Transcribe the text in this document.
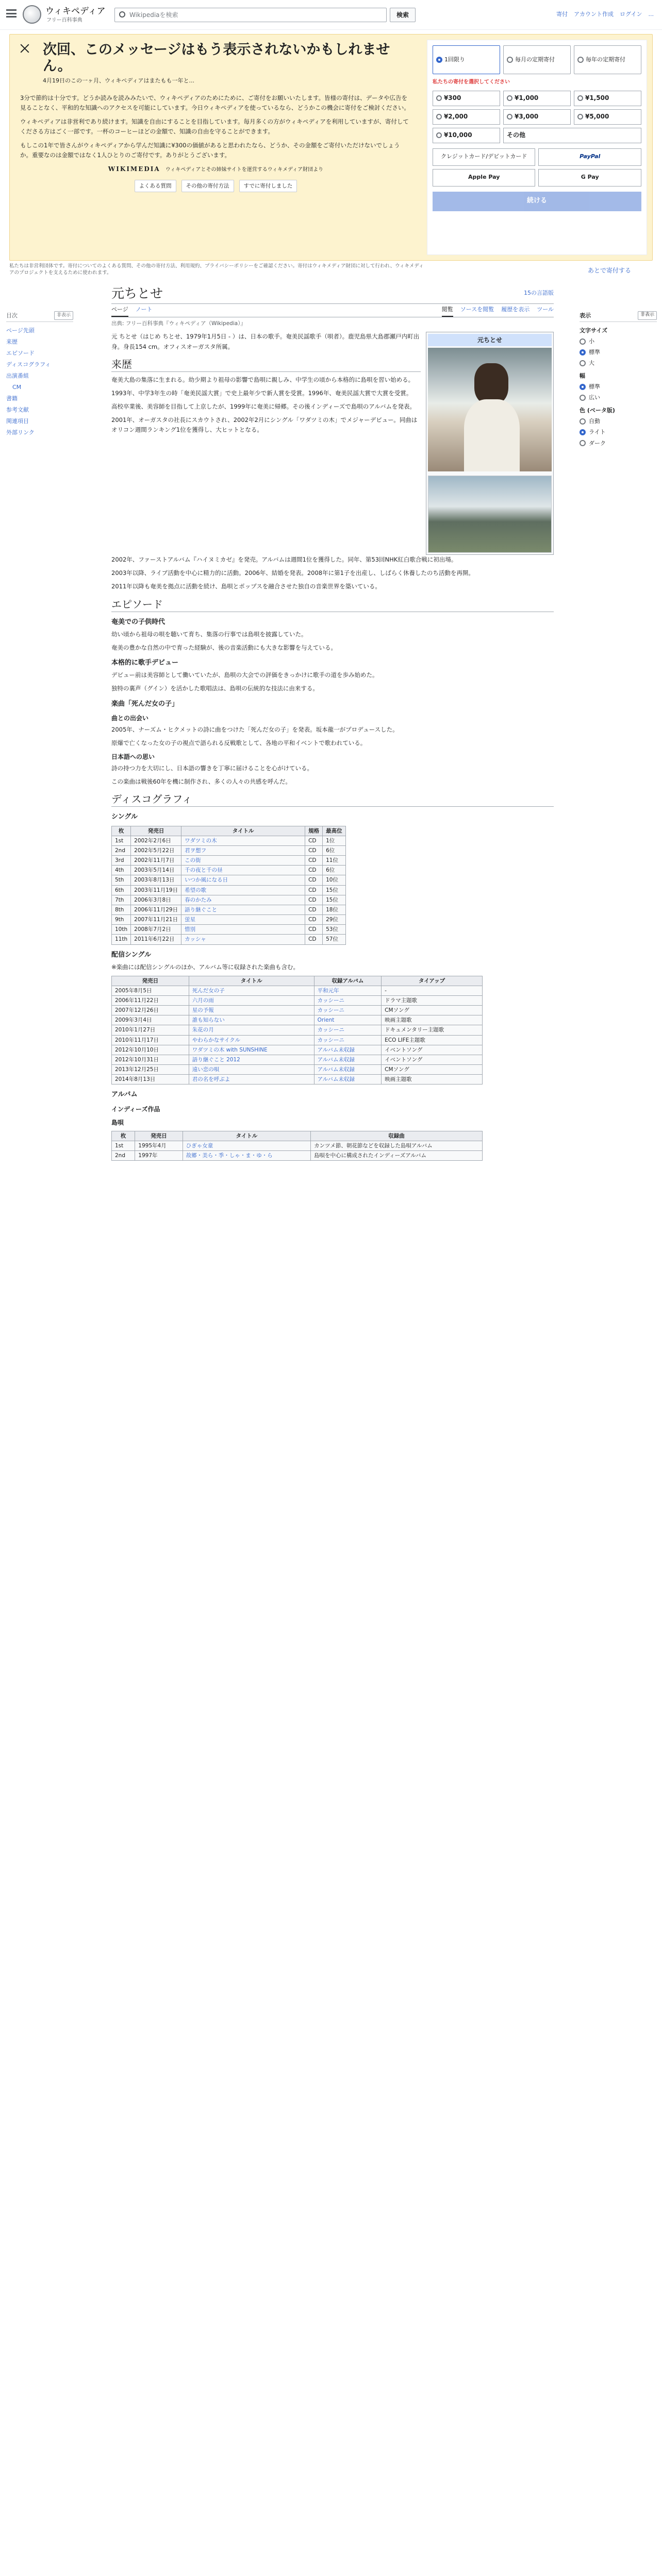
ウィキペディア
フリー百科事典
Wikipediaを検索	検索	寄付 アカウント作成 ログイン ...
次回、このメッセージはもう表示されないかもしれません。
4月19日のこの一ヶ月、ウィキペディアはまたもも一年と...

3分で節約は十分です。どうか読みを読みみたいで、ウィキペディアのためにために、ご寄付をお願いいたします。皆様の寄付は、データや広告を見ることなく、平和的な知識へのアクセスを可能にしています。今日ウィキペディアを使っているなら、どうかこの機会に寄付をご検討ください。

ウィキペディアは非営利であり続けます。知識を自由にすることを目指しています。毎月多くの方がウィキペディアを利用していますが、寄付してくださる方はごく一部です。一杯のコーヒーほどの金額で、知識の自由を守ることができます。

もしこの1年で皆さんがウィキペディアから学んだ知識に¥300の価値があると思われたなら、どうか、その金額をご寄付いただけないでしょうか。重要なのは金額ではなく1人ひとりのご寄付です。ありがとうございます。

WIKIMEDIA ウィキペディアとその姉妹サイトを運営するウィキメディア財団より
よくある質問	その他の寄付方法	すでに寄付しました
1回限り	毎月の定期寄付	毎年の定期寄付
私たちの寄付を選択してください
¥300	¥1,000	¥1,500
¥2,000	¥3,000	¥5,000
¥10,000	その他
クレジットカード/デビットカード	PayPal
Apple Pay	G Pay
続ける
私たちは非営利団体です。寄付についてのよくある質問、その他の寄付方法、利用規約、プライバシーポリシーをご確認ください。寄付はウィキメディア財団に対して行われ、ウィキメディアのプロジェクトを支えるために使われます。	あとで寄付する
目次	非表示
ページ先頭
来歴
エピソード
ディスコグラフィ
出演番組
CM
書籍
参考文献
関連項目
外部リンク
表示	非表示
文字サイズ
小
標準
大
幅
標準
広い
色 (ベータ版)
自動
ライト
ダーク
元ちとせ	15の言語版
ページ ノート	閲覧 ソースを閲覧 履歴を表示 ツール
出典: フリー百科事典『ウィキペディア（Wikipedia）』

元 ちとせ（はじめ ちとせ、1979年1月5日 - ）は、日本の歌手。奄美民謡歌手（唄者）。鹿児島県大島郡瀬戸内町出身。身長154 cm。オフィスオーガスタ所属。

来歴

奄美大島の集落に生まれる。幼少期より祖母の影響で島唄に親しみ、中学生の頃から本格的に島唄を習い始める。

1993年、中学3年生の時「奄美民謡大賞」で史上最年少で新人賞を受賞。1996年、奄美民謡大賞で大賞を受賞。

高校卒業後、美容師を目指して上京したが、1999年に奄美に帰郷。その後インディーズで島唄のアルバムを発表。

2001年、オーガスタの社長にスカウトされ、2002年2月にシングル「ワダツミの木」でメジャーデビュー。同曲はオリコン週間ランキング1位を獲得し、大ヒットとなる。

元ちとせ

2002年、ファーストアルバム『ハイヌミカゼ』を発売。アルバムは週間1位を獲得した。同年、第53回NHK紅白歌合戦に初出場。

2003年以降、ライブ活動を中心に精力的に活動。2006年、結婚を発表。2008年に第1子を出産し、しばらく休養したのち活動を再開。

2011年以降も奄美を拠点に活動を続け、島唄とポップスを融合させた独自の音楽世界を築いている。

エピソード
奄美での子供時代

幼い頃から祖母の唄を聴いて育ち、集落の行事では島唄を披露していた。

奄美の豊かな自然の中で育った経験が、後の音楽活動にも大きな影響を与えている。

本格的に歌手デビュー

デビュー前は美容師として働いていたが、島唄の大会での評価をきっかけに歌手の道を歩み始めた。

独特の裏声（グイン）を活かした歌唱法は、島唄の伝統的な技法に由来する。

楽曲「死んだ女の子」
曲との出会い

2005年、ナーズム・ヒクメットの詩に曲をつけた「死んだ女の子」を発表。坂本龍一がプロデュースした。

原爆で亡くなった女の子の視点で語られる反戦歌として、各地の平和イベントで歌われている。

日本語への思い

詩の持つ力を大切にし、日本語の響きを丁寧に届けることを心がけている。

この楽曲は戦後60年を機に制作され、多くの人々の共感を呼んだ。

ディスコグラフィ
シングル
枚	発売日	タイトル	規格	最高位
1st	2002年2月6日	ワダツミの木	CD	1位
2nd	2002年5月22日	君ヲ想フ	CD	6位
3rd	2002年11月7日	この街	CD	11位
4th	2003年5月14日	千の夜と千の昼	CD	6位
5th	2003年8月13日	いつか風になる日	CD	10位
6th	2003年11月19日	希望の歌	CD	15位
7th	2006年3月8日	春のかたみ	CD	15位
8th	2006年11月29日	語り継ぐこと	CD	18位
9th	2007年11月21日	蛍星	CD	29位
10th	2008年7月2日	惜別	CD	53位
11th	2011年6月22日	カッシャ	CD	57位
配信シングル

※楽曲には配信シングルのほか、アルバム等に収録された楽曲も含む。

発売日	タイトル	収録アルバム	タイアップ
2005年8月5日	死んだ女の子	平和元年	-
2006年11月22日	六月の雨	カッシーニ	ドラマ主題歌
2007年12月26日	星の予報	カッシーニ	CMソング
2009年3月4日	誰も知らない	Orient	映画主題歌
2010年1月27日	朱花の月	カッシーニ	ドキュメンタリー主題歌
2010年11月17日	やわらかなサイクル	カッシーニ	ECO LIFE主題歌
2012年10月10日	ワダツミの木 with SUNSHINE	アルバム未収録	イベントソング
2012年10月31日	語り継ぐこと 2012	アルバム未収録	イベントソング
2013年12月25日	遠い恋の唄	アルバム未収録	CMソング
2014年8月13日	君の名を呼ぶよ	アルバム未収録	映画主題歌
アルバム
インディーズ作品
島唄
枚	発売日	タイトル	収録曲
1st	1995年4月	ひぎゃ女童	カンツメ節、朝花節などを収録した島唄アルバム
2nd	1997年	故郷・美ら・季・しゃ・ま・ゆ・ら	島唄を中心に構成されたインディーズアルバム
